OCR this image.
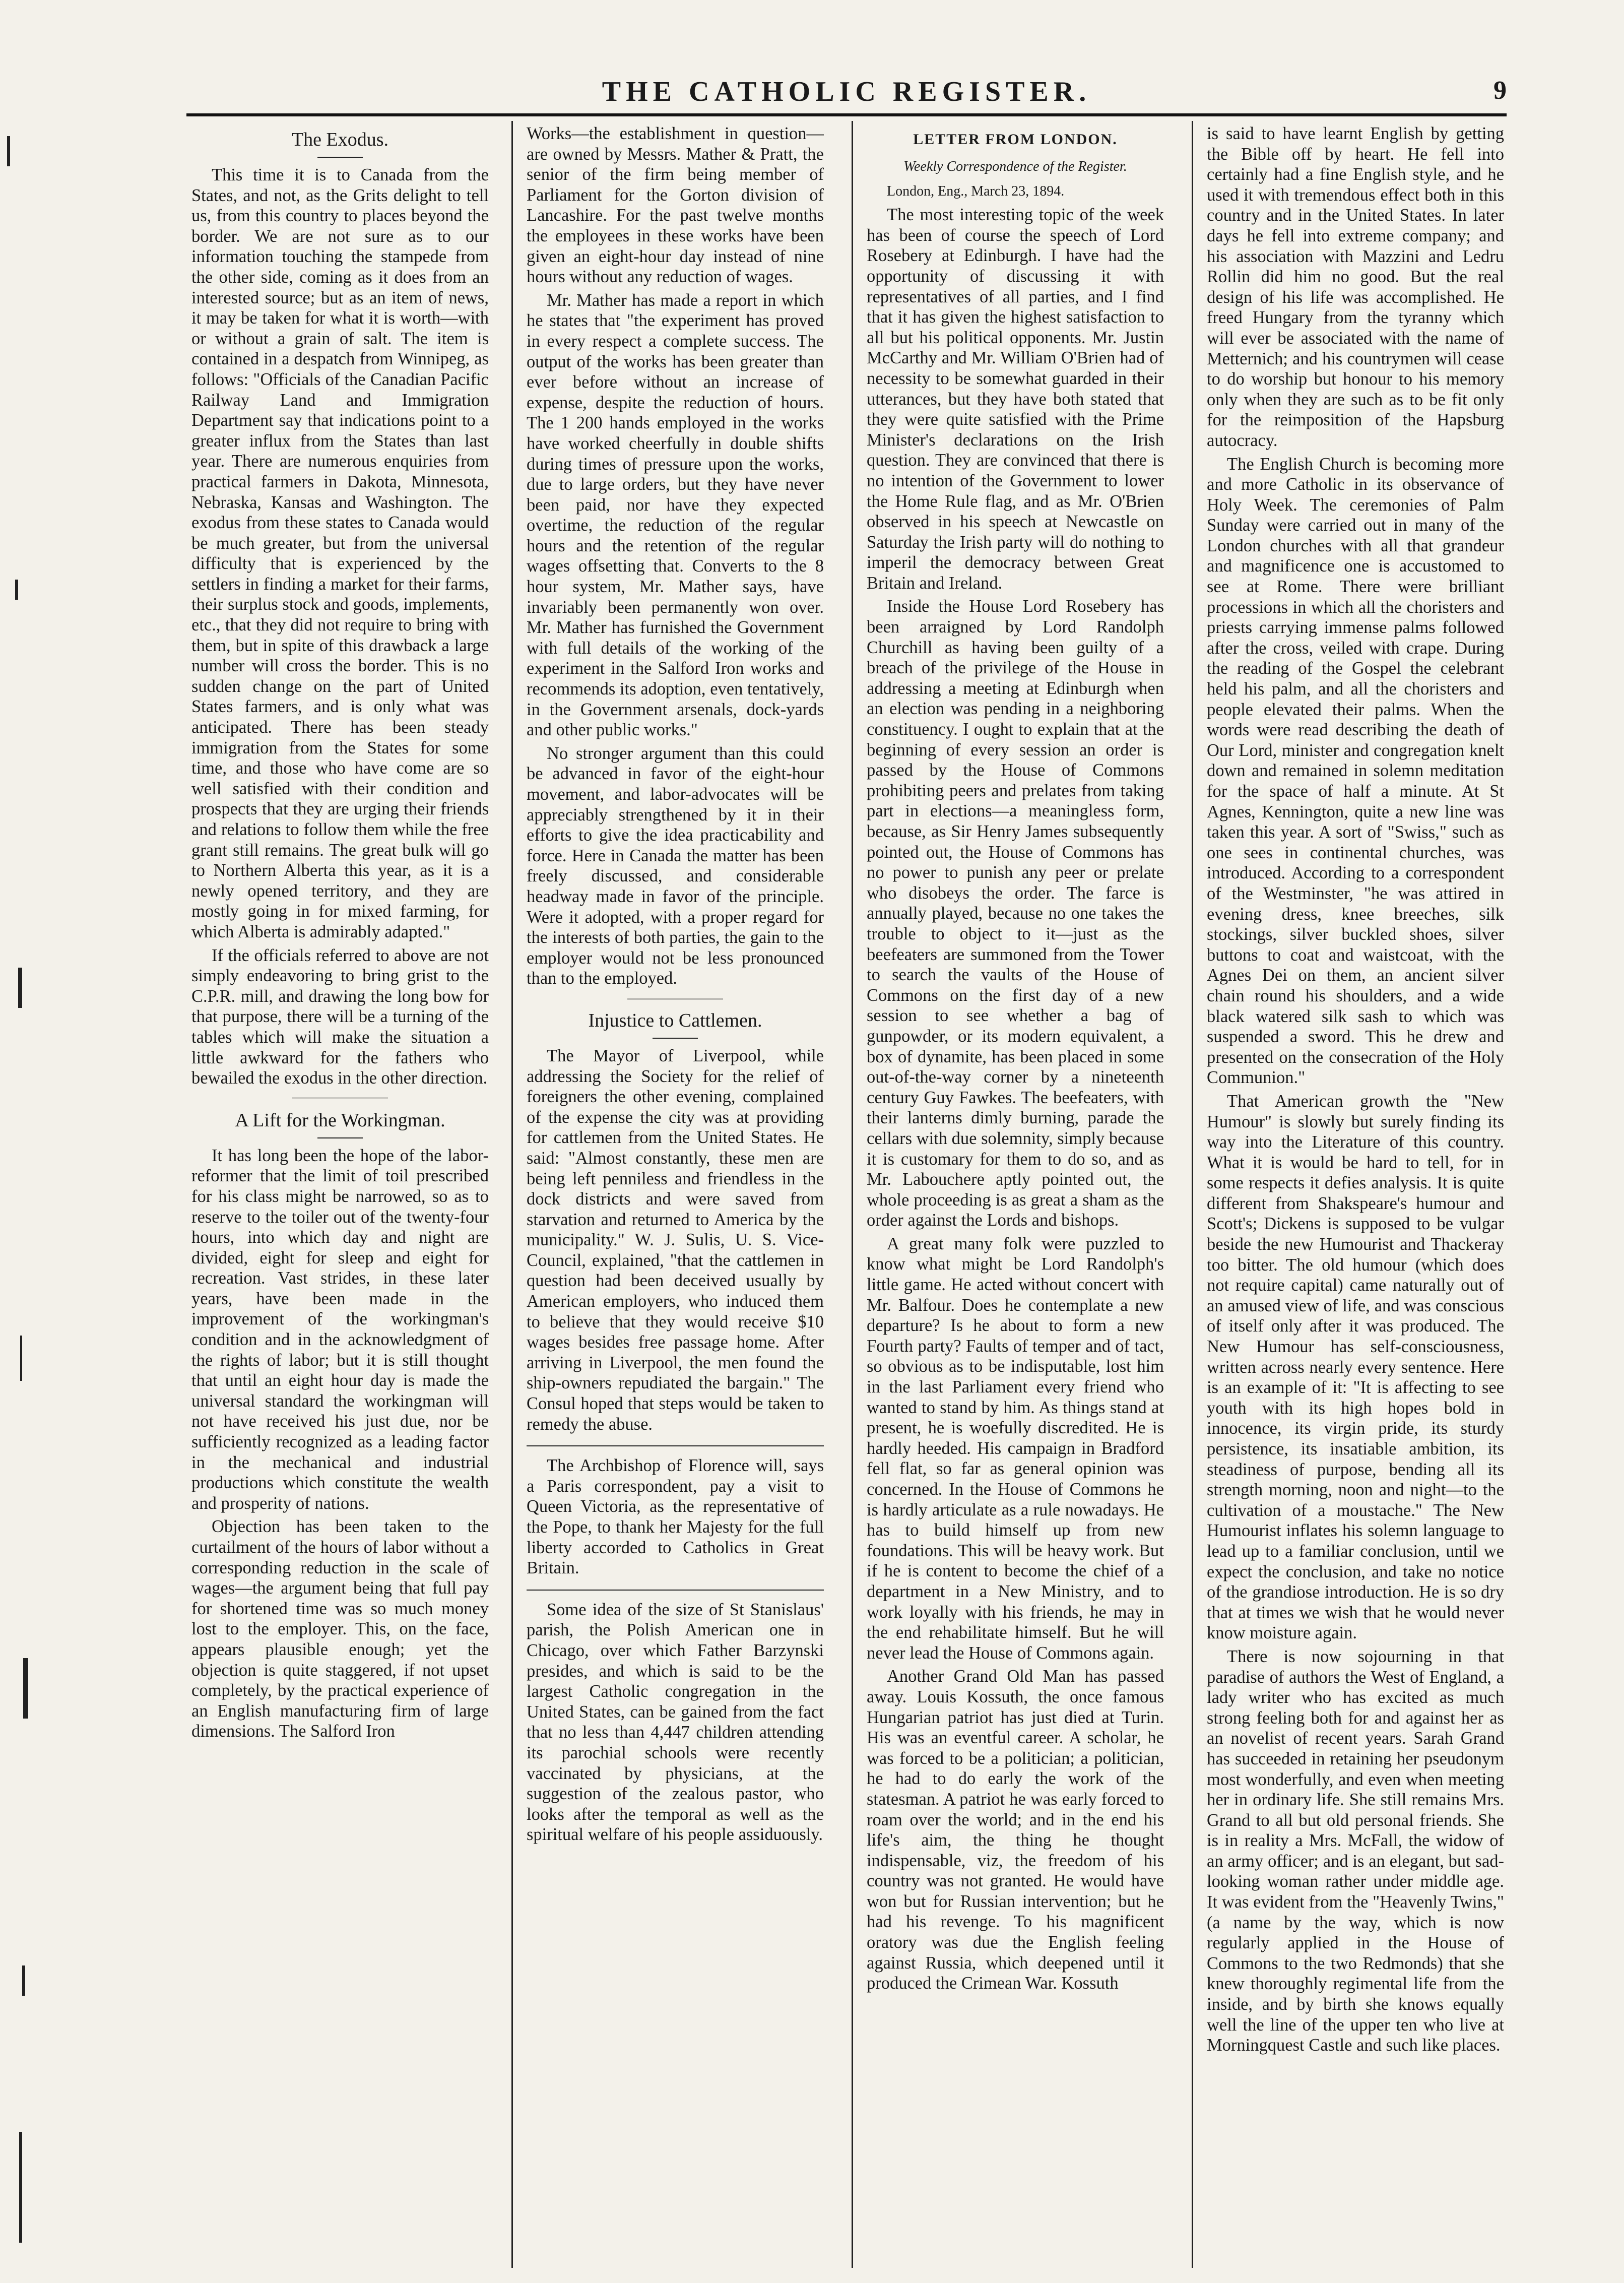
THE CATHOLIC REGISTER.	9
The Exodus.

This time it is to Canada from the States, and not, as the Grits delight to tell us, from this country to places beyond the border. We are not sure as to our information touching the stampede from the other side, coming as it does from an interested source; but as an item of news, it may be taken for what it is worth—with or without a grain of salt. The item is contained in a despatch from Winnipeg, as follows: "Officials of the Canadian Pacific Railway Land and Immigration Department say that indications point to a greater influx from the States than last year. There are numerous enquiries from practical farmers in Dakota, Minnesota, Nebraska, Kansas and Washington. The exodus from these states to Canada would be much greater, but from the universal difficulty that is experienced by the settlers in finding a market for their farms, their surplus stock and goods, implements, etc., that they did not require to bring with them, but in spite of this drawback a large number will cross the border. This is no sudden change on the part of United States farmers, and is only what was anticipated. There has been steady immigration from the States for some time, and those who have come are so well satisfied with their condition and prospects that they are urging their friends and relations to follow them while the free grant still remains. The great bulk will go to Northern Alberta this year, as it is a newly opened territory, and they are mostly going in for mixed farming, for which Alberta is admirably adapted."

If the officials referred to above are not simply endeavoring to bring grist to the C.P.R. mill, and drawing the long bow for that purpose, there will be a turning of the tables which will make the situation a little awkward for the fathers who bewailed the exodus in the other direction.

A Lift for the Workingman.

It has long been the hope of the labor-reformer that the limit of toil prescribed for his class might be narrowed, so as to reserve to the toiler out of the twenty-four hours, into which day and night are divided, eight for sleep and eight for recreation. Vast strides, in these later years, have been made in the improvement of the workingman's condition and in the acknowledgment of the rights of labor; but it is still thought that until an eight hour day is made the universal standard the workingman will not have received his just due, nor be sufficiently recognized as a leading factor in the mechanical and industrial productions which constitute the wealth and prosperity of nations.

Objection has been taken to the curtailment of the hours of labor without a corresponding reduction in the scale of wages—the argument being that full pay for shortened time was so much money lost to the employer. This, on the face, appears plausible enough; yet the objection is quite staggered, if not upset completely, by the practical experience of an English manufacturing firm of large dimensions. The Salford Iron

Works—the establishment in question—are owned by Messrs. Mather & Pratt, the senior of the firm being member of Parliament for the Gorton division of Lancashire. For the past twelve months the employees in these works have been given an eight-hour day instead of nine hours without any reduction of wages.

Mr. Mather has made a report in which he states that "the experiment has proved in every respect a complete success. The output of the works has been greater than ever before without an increase of expense, despite the reduction of hours. The 1 200 hands employed in the works have worked cheerfully in double shifts during times of pressure upon the works, due to large orders, but they have never been paid, nor have they expected overtime, the reduction of the regular hours and the retention of the regular wages offsetting that. Converts to the 8 hour system, Mr. Mather says, have invariably been permanently won over. Mr. Mather has furnished the Government with full details of the working of the experiment in the Salford Iron works and recommends its adoption, even tentatively, in the Government arsenals, dock-yards and other public works."

No stronger argument than this could be advanced in favor of the eight-hour movement, and labor-advocates will be appreciably strengthened by it in their efforts to give the idea practicability and force. Here in Canada the matter has been freely discussed, and considerable headway made in favor of the principle. Were it adopted, with a proper regard for the interests of both parties, the gain to the employer would not be less pronounced than to the employed.

Injustice to Cattlemen.

The Mayor of Liverpool, while addressing the Society for the relief of foreigners the other evening, complained of the expense the city was at providing for cattlemen from the United States. He said: "Almost constantly, these men are being left penniless and friendless in the dock districts and were saved from starvation and returned to America by the municipality." W. J. Sulis, U. S. Vice-Council, explained, "that the cattlemen in question had been deceived usually by American employers, who induced them to believe that they would receive $10 wages besides free passage home. After arriving in Liverpool, the men found the ship-owners repudiated the bargain." The Consul hoped that steps would be taken to remedy the abuse.

The Archbishop of Florence will, says a Paris correspondent, pay a visit to Queen Victoria, as the representative of the Pope, to thank her Majesty for the full liberty accorded to Catholics in Great Britain.

Some idea of the size of St Stanislaus' parish, the Polish American one in Chicago, over which Father Barzynski presides, and which is said to be the largest Catholic congregation in the United States, can be gained from the fact that no less than 4,447 children attending its parochial schools were recently vaccinated by physicians, at the suggestion of the zealous pastor, who looks after the temporal as well as the spiritual welfare of his people assiduously.

LETTER FROM LONDON.
Weekly Correspondence of the Register.
London, Eng., March 23, 1894.

The most interesting topic of the week has been of course the speech of Lord Rosebery at Edinburgh. I have had the opportunity of discussing it with representatives of all parties, and I find that it has given the highest satisfaction to all but his political opponents. Mr. Justin McCarthy and Mr. William O'Brien had of necessity to be somewhat guarded in their utterances, but they have both stated that they were quite satisfied with the Prime Minister's declarations on the Irish question. They are convinced that there is no intention of the Government to lower the Home Rule flag, and as Mr. O'Brien observed in his speech at Newcastle on Saturday the Irish party will do nothing to imperil the democracy between Great Britain and Ireland.

Inside the House Lord Rosebery has been arraigned by Lord Randolph Churchill as having been guilty of a breach of the privilege of the House in addressing a meeting at Edinburgh when an election was pending in a neighboring constituency. I ought to explain that at the beginning of every session an order is passed by the House of Commons prohibiting peers and prelates from taking part in elections—a meaningless form, because, as Sir Henry James subsequently pointed out, the House of Commons has no power to punish any peer or prelate who disobeys the order. The farce is annually played, because no one takes the trouble to object to it—just as the beefeaters are summoned from the Tower to search the vaults of the House of Commons on the first day of a new session to see whether a bag of gunpowder, or its modern equivalent, a box of dynamite, has been placed in some out-of-the-way corner by a nineteenth century Guy Fawkes. The beefeaters, with their lanterns dimly burning, parade the cellars with due solemnity, simply because it is customary for them to do so, and as Mr. Labouchere aptly pointed out, the whole proceeding is as great a sham as the order against the Lords and bishops.

A great many folk were puzzled to know what might be Lord Randolph's little game. He acted without concert with Mr. Balfour. Does he contemplate a new departure? Is he about to form a new Fourth party? Faults of temper and of tact, so obvious as to be indisputable, lost him in the last Parliament every friend who wanted to stand by him. As things stand at present, he is woefully discredited. He is hardly heeded. His campaign in Bradford fell flat, so far as general opinion was concerned. In the House of Commons he is hardly articulate as a rule nowadays. He has to build himself up from new foundations. This will be heavy work. But if he is content to become the chief of a department in a New Ministry, and to work loyally with his friends, he may in the end rehabilitate himself. But he will never lead the House of Commons again.

Another Grand Old Man has passed away. Louis Kossuth, the once famous Hungarian patriot has just died at Turin. His was an eventful career. A scholar, he was forced to be a politician; a politician, he had to do early the work of the statesman. A patriot he was early forced to roam over the world; and in the end his life's aim, the thing he thought indispensable, viz, the freedom of his country was not granted. He would have won but for Russian intervention; but he had his revenge. To his magnificent oratory was due the English feeling against Russia, which deepened until it produced the Crimean War. Kossuth

is said to have learnt English by getting the Bible off by heart. He fell into certainly had a fine English style, and he used it with tremendous effect both in this country and in the United States. In later days he fell into extreme company; and his association with Mazzini and Ledru Rollin did him no good. But the real design of his life was accomplished. He freed Hungary from the tyranny which will ever be associated with the name of Metternich; and his countrymen will cease to do worship but honour to his memory only when they are such as to be fit only for the reimposition of the Hapsburg autocracy.

The English Church is becoming more and more Catholic in its observance of Holy Week. The ceremonies of Palm Sunday were carried out in many of the London churches with all that grandeur and magnificence one is accustomed to see at Rome. There were brilliant processions in which all the choristers and priests carrying immense palms followed after the cross, veiled with crape. During the reading of the Gospel the celebrant held his palm, and all the choristers and people elevated their palms. When the words were read describing the death of Our Lord, minister and congregation knelt down and remained in solemn meditation for the space of half a minute. At St Agnes, Kennington, quite a new line was taken this year. A sort of "Swiss," such as one sees in continental churches, was introduced. According to a correspondent of the Westminster, "he was attired in evening dress, knee breeches, silk stockings, silver buckled shoes, silver buttons to coat and waistcoat, with the Agnes Dei on them, an ancient silver chain round his shoulders, and a wide black watered silk sash to which was suspended a sword. This he drew and presented on the consecration of the Holy Communion."

That American growth the "New Humour" is slowly but surely finding its way into the Literature of this country. What it is would be hard to tell, for in some respects it defies analysis. It is quite different from Shakspeare's humour and Scott's; Dickens is supposed to be vulgar beside the new Humourist and Thackeray too bitter. The old humour (which does not require capital) came naturally out of an amused view of life, and was conscious of itself only after it was produced. The New Humour has self-consciousness, written across nearly every sentence. Here is an example of it: "It is affecting to see youth with its high hopes bold in innocence, its virgin pride, its sturdy persistence, its insatiable ambition, its steadiness of purpose, bending all its strength morning, noon and night—to the cultivation of a moustache." The New Humourist inflates his solemn language to lead up to a familiar conclusion, until we expect the conclusion, and take no notice of the grandiose introduction. He is so dry that at times we wish that he would never know moisture again.

There is now sojourning in that paradise of authors the West of England, a lady writer who has excited as much strong feeling both for and against her as an novelist of recent years. Sarah Grand has succeeded in retaining her pseudonym most wonderfully, and even when meeting her in ordinary life. She still remains Mrs. Grand to all but old personal friends. She is in reality a Mrs. McFall, the widow of an army officer; and is an elegant, but sad-looking woman rather under middle age. It was evident from the "Heavenly Twins," (a name by the way, which is now regularly applied in the House of Commons to the two Redmonds) that she knew thoroughly regimental life from the inside, and by birth she knows equally well the line of the upper ten who live at Morningquest Castle and such like places.
